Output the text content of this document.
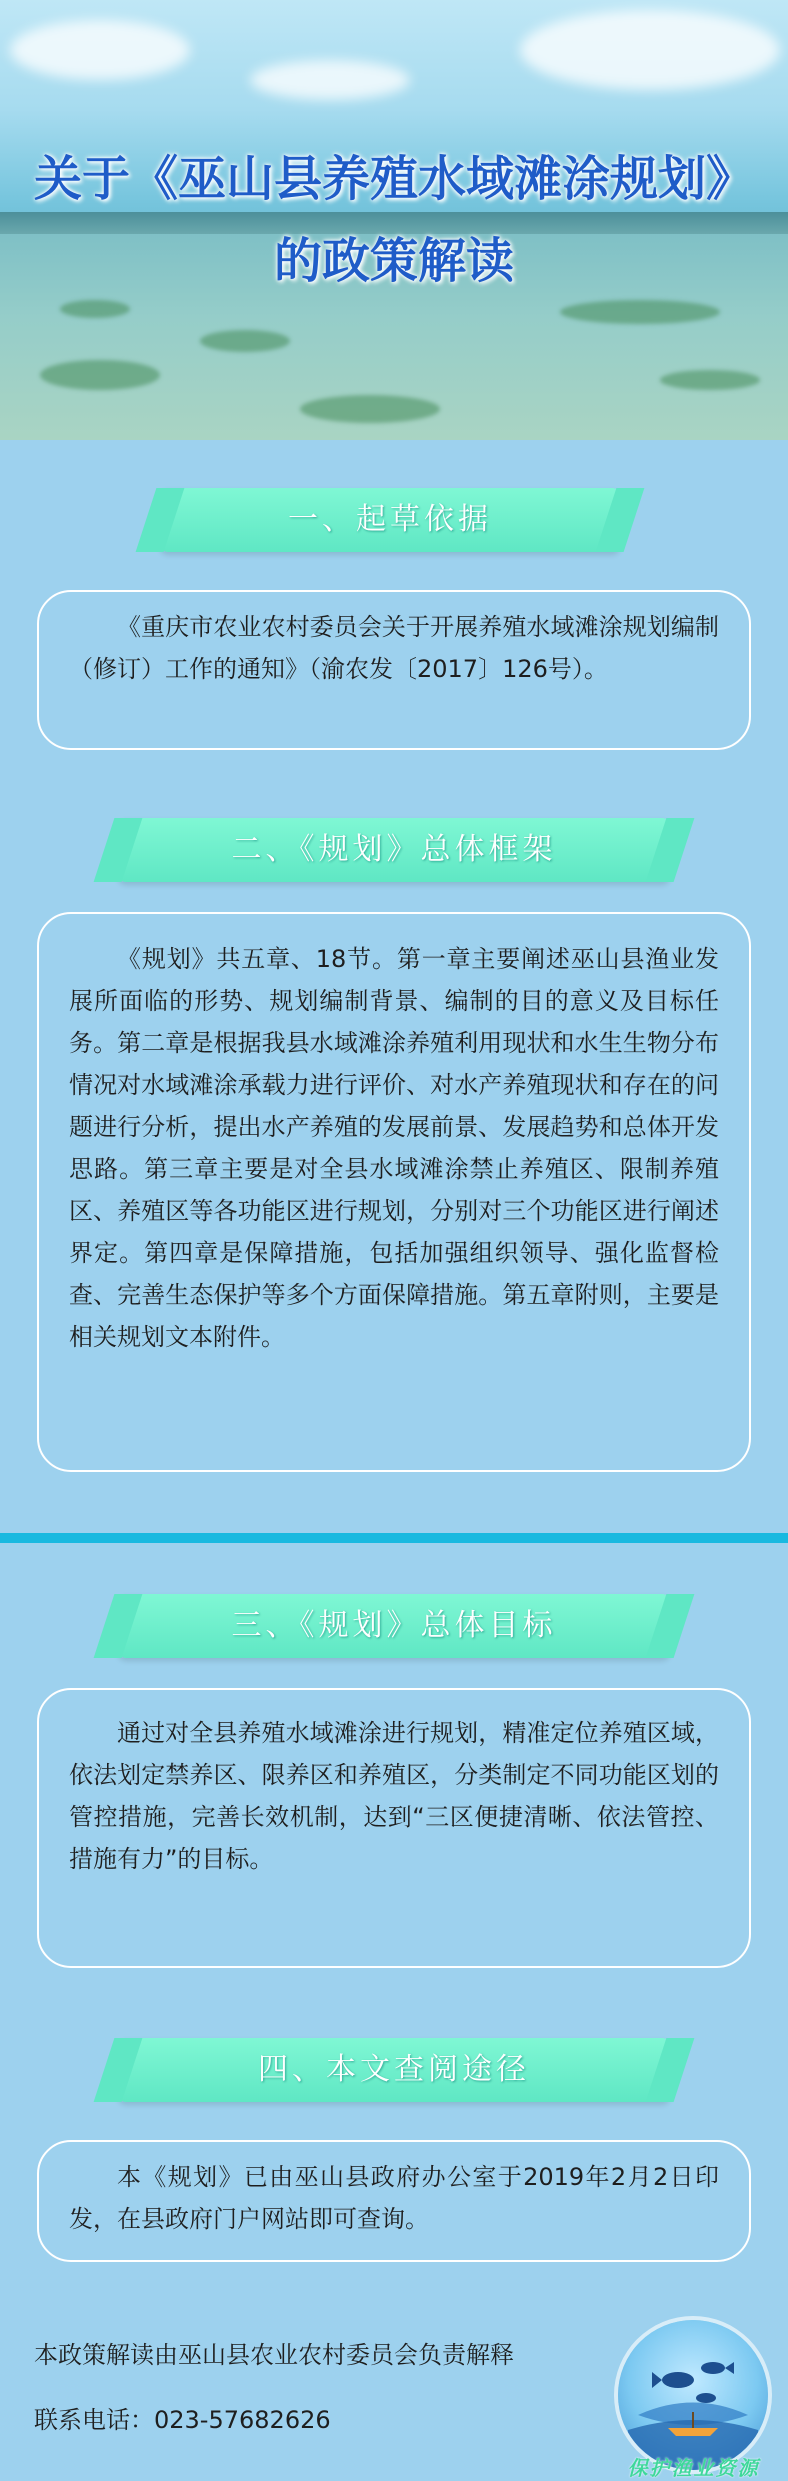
关于《巫山县养殖水域滩涂规划》
的政策解读
一、起草依据

《重庆市农业农村委员会关于开展养殖水域滩涂规划编制（修订）工作的通知》（渝农发〔2017〕126号）。

二、《规划》总体框架

《规划》共五章、18节。第一章主要阐述巫山县渔业发展所面临的形势、规划编制背景、编制的目的意义及目标任务。第二章是根据我县水域滩涂养殖利用现状和水生生物分布情况对水域滩涂承载力进行评价、对水产养殖现状和存在的问题进行分析，提出水产养殖的发展前景、发展趋势和总体开发思路。第三章主要是对全县水域滩涂禁止养殖区、限制养殖区、养殖区等各功能区进行规划，分别对三个功能区进行阐述界定。第四章是保障措施，包括加强组织领导、强化监督检查、完善生态保护等多个方面保障措施。第五章附则，主要是相关规划文本附件。

三、《规划》总体目标

通过对全县养殖水域滩涂进行规划，精准定位养殖区域，依法划定禁养区、限养区和养殖区，分类制定不同功能区划的管控措施，完善长效机制，达到“三区便捷清晰、依法管控、措施有力”的目标。

四、本文查阅途径

本《规划》已由巫山县政府办公室于2019年2月2日印发，在县政府门户网站即可查询。

本政策解读由巫山县农业农村委员会负责解释
联系电话：023-57682626
保护渔业资源
